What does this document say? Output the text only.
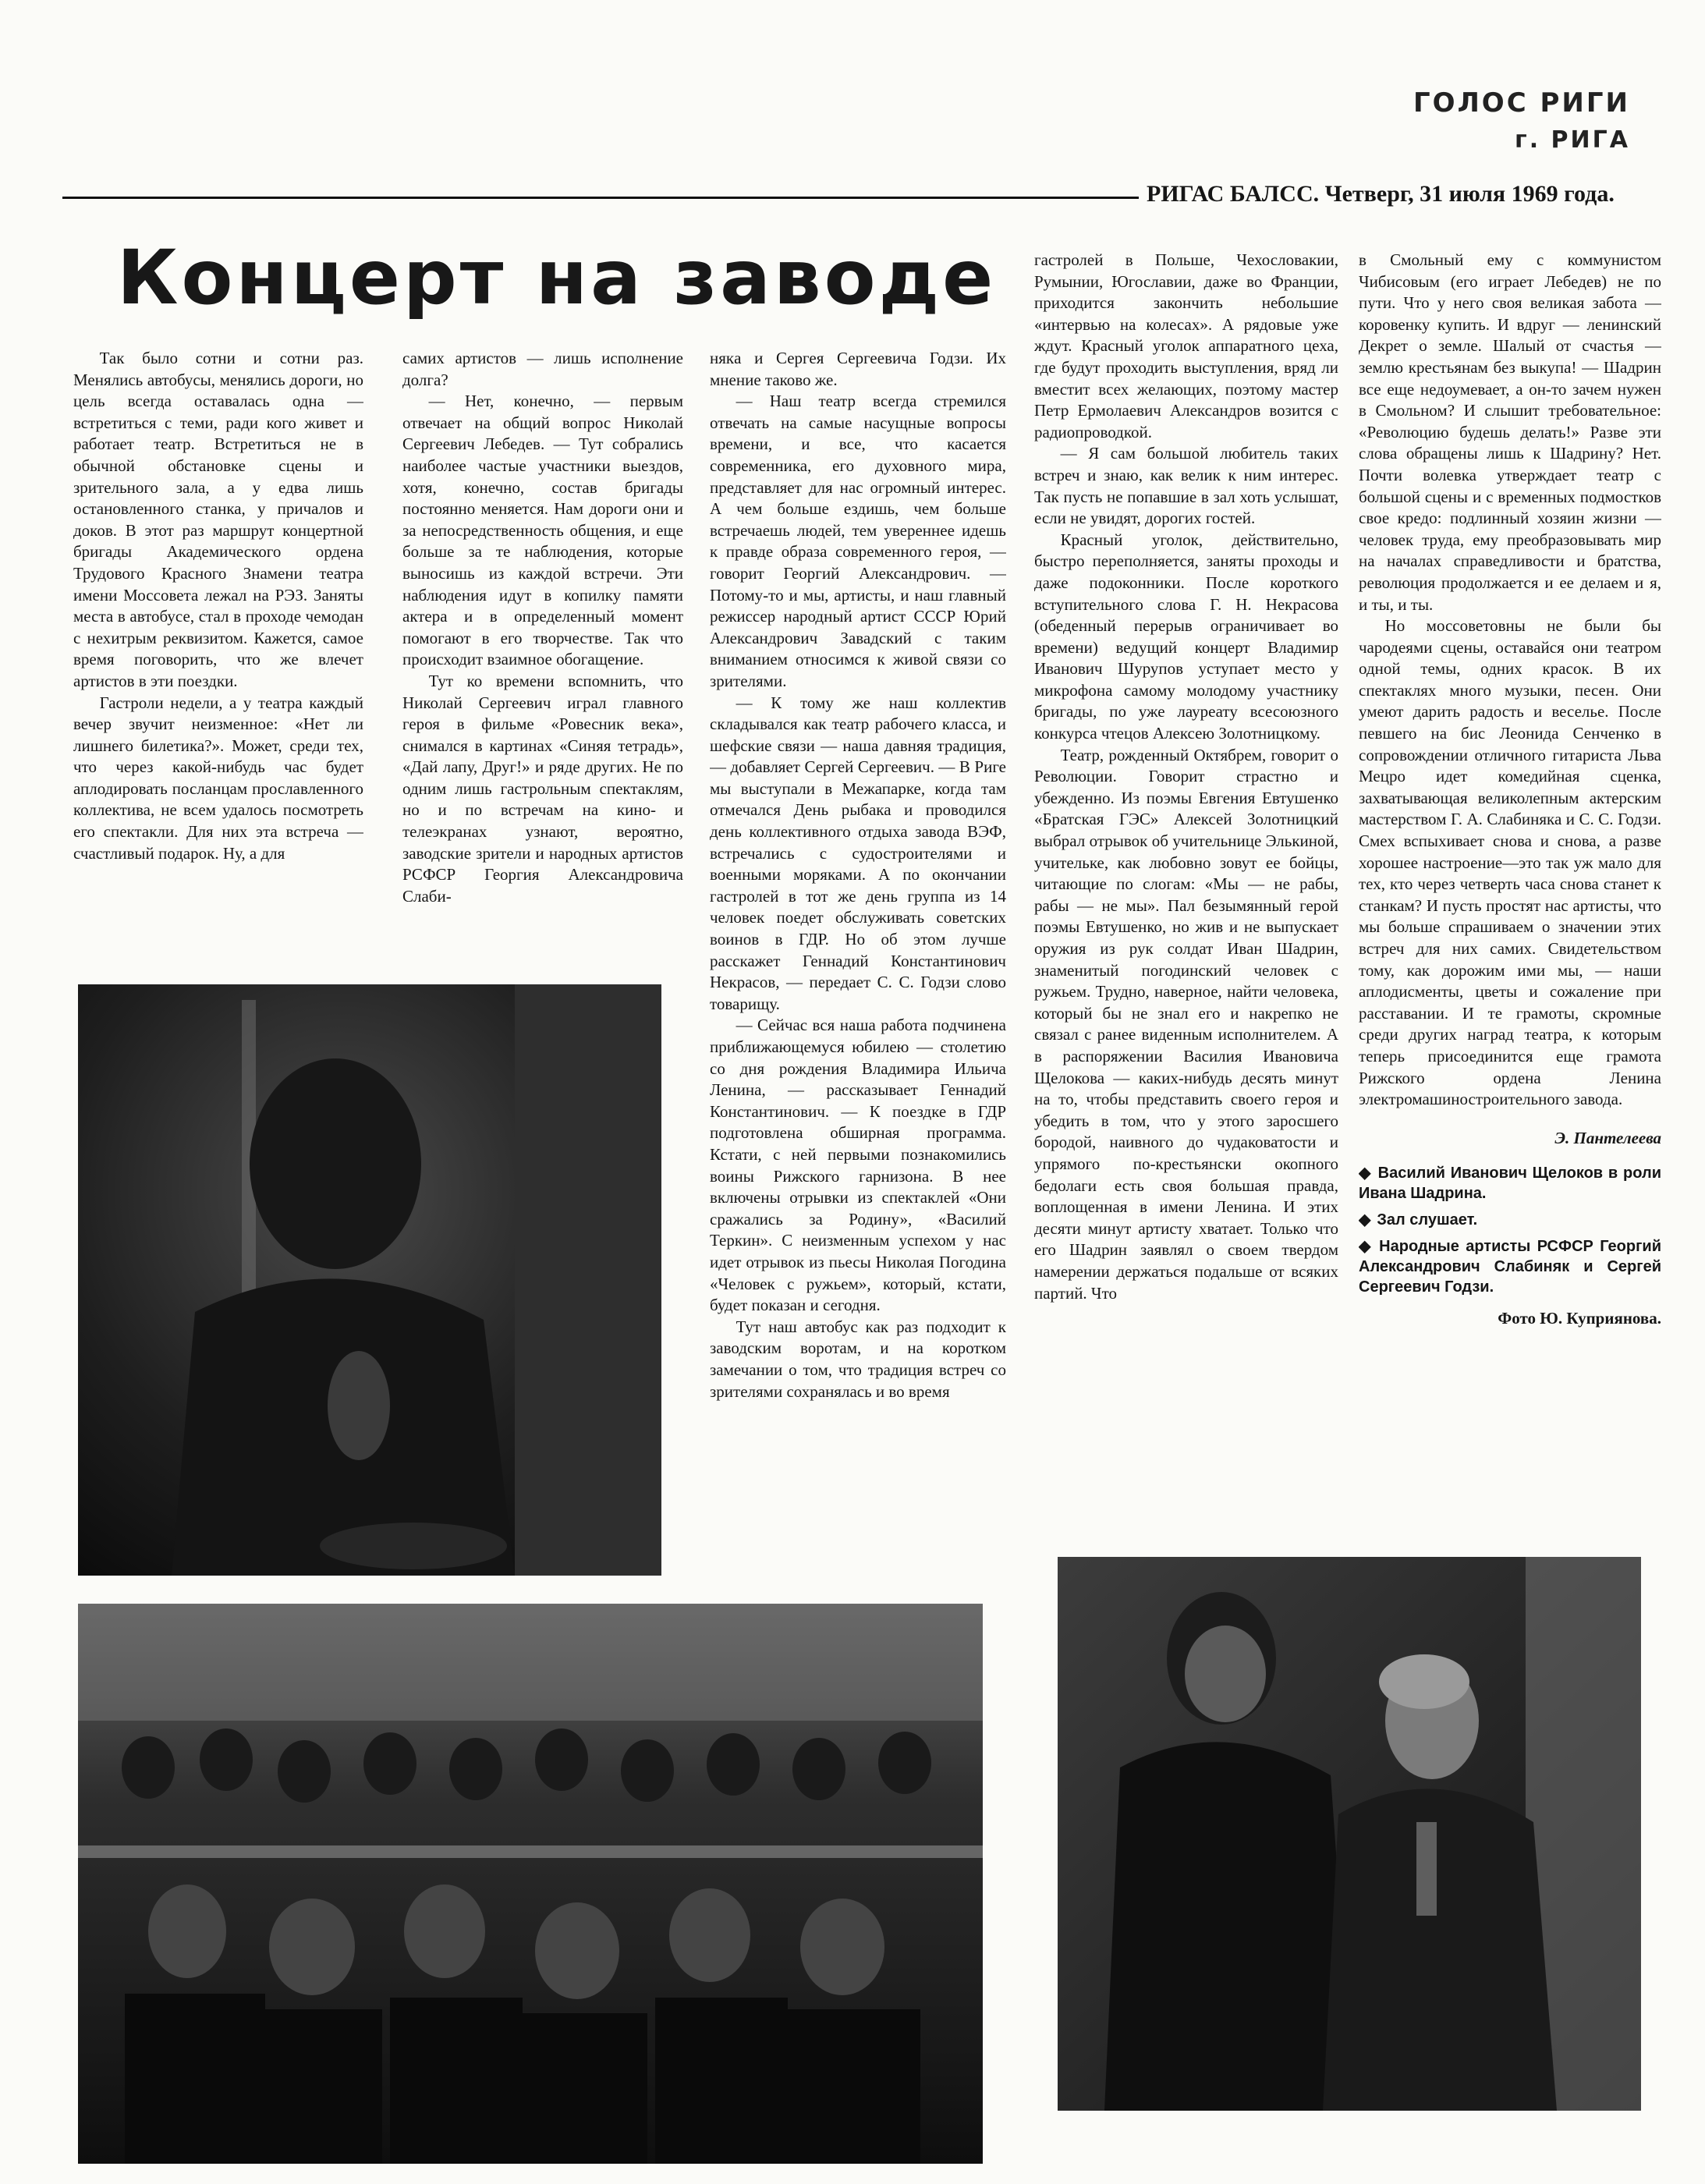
ГОЛОС РИГИ
г. РИГА
РИГАС БАЛСС. Четверг, 31 июля 1969 года.
Концерт на заводе

Так было сотни и сотни раз. Менялись автобусы, менялись дороги, но цель всегда оставалась одна — встретиться с теми, ради кого живет и работает театр. Встретиться не в обычной обстановке сцены и зрительного зала, а у едва лишь остановленного станка, у причалов и доков. В этот раз маршрут концертной бригады Академического ордена Трудового Красного Знамени театра имени Моссовета лежал на РЭЗ. Заняты места в автобусе, стал в проходе чемодан с нехитрым реквизитом. Кажется, самое время поговорить, что же влечет артистов в эти поездки.

Гастроли недели, а у театра каждый вечер звучит неизменное: «Нет ли лишнего билетика?». Может, среди тех, что через какой-нибудь час будет аплодировать посланцам прославленного коллектива, не всем удалось посмотреть его спектакли. Для них эта встреча — счастливый подарок. Ну, а для

самих артистов — лишь исполнение долга?

— Нет, конечно, — первым отвечает на общий вопрос Николай Сергеевич Лебедев. — Тут собрались наиболее частые участники выездов, хотя, конечно, состав бригады постоянно меняется. Нам дороги они и за непосредственность общения, и еще больше за те наблюдения, которые выносишь из каждой встречи. Эти наблюдения идут в копилку памяти актера и в определенный момент помогают в его творчестве. Так что происходит взаимное обогащение.

Тут ко времени вспомнить, что Николай Сергеевич играл главного героя в фильме «Ровесник века», снимался в картинах «Синяя тетрадь», «Дай лапу, Друг!» и ряде других. Не по одним лишь гастрольным спектаклям, но и по встречам на кино- и телеэкранах узнают, вероятно, заводские зрители и народных артистов РСФСР Георгия Александровича Слаби-

някa и Сергея Сергеевича Годзи. Их мнение таково же.

— Наш театр всегда стремился отвечать на самые насущные вопросы времени, и все, что касается современника, его духовного мира, представляет для нас огромный интерес. А чем больше ездишь, чем больше встречаешь людей, тем увереннее идешь к правде образа современного героя, — говорит Георгий Александрович. — Потому-то и мы, артисты, и наш главный режиссер народный артист СССР Юрий Александрович Завадский с таким вниманием относимся к живой связи со зрителями.

— К тому же наш коллектив складывался как театр рабочего класса, и шефские связи — наша давняя традиция, — добавляет Сергей Сергеевич. — В Риге мы выступали в Межапарке, когда там отмечался День рыбака и проводился день коллективного отдыха завода ВЭФ, встречались с судостроителями и военными моряками. А по окончании гастролей в тот же день группа из 14 человек поедет обслуживать советских воинов в ГДР. Но об этом лучше расскажет Геннадий Константинович Некрасов, — передает С. С. Годзи слово товарищу.

— Сейчас вся наша работа подчинена приближающемуся юбилею — столетию со дня рождения Владимира Ильича Ленина, — рассказывает Геннадий Константинович. — К поездке в ГДР подготовлена обширная программа. Кстати, с ней первыми познакомились воины Рижского гарнизона. В нее включены отрывки из спектаклей «Они сражались за Родину», «Василий Теркин». С неизменным успехом у нас идет отрывок из пьесы Николая Погодина «Человек с ружьем», который, кстати, будет показан и сегодня.

Тут наш автобус как раз подходит к заводским воротам, и на коротком замечании о том, что традиция встреч со зрителями сохранялась и во время

гастролей в Польше, Чехословакии, Румынии, Югославии, даже во Франции, приходится закончить небольшие «интервью на колесах». А рядовые уже ждут. Красный уголок аппаратного цеха, где будут проходить выступления, вряд ли вместит всех желающих, поэтому мастер Петр Ермолаевич Александров возится с радиопроводкой.

— Я сам большой любитель таких встреч и знаю, как велик к ним интерес. Так пусть не попавшие в зал хоть услышат, если не увидят, дорогих гостей.

Красный уголок, действительно, быстро переполняется, заняты проходы и даже подоконники. После короткого вступительного слова Г. Н. Некрасова (обеденный перерыв ограничивает во времени) ведущий концерт Владимир Иванович Шурупов уступает место у микрофона самому молодому участнику бригады, по уже лауреату всесоюзного конкурса чтецов Алексею Золотницкому.

Театр, рожденный Октябрем, говорит о Революции. Говорит страстно и убежденно. Из поэмы Евгения Евтушенко «Братская ГЭС» Алексей Золотницкий выбрал отрывок об учительнице Элькиной, учительке, как любовно зовут ее бойцы, читающие по слогам: «Мы — не рабы, рабы — не мы». Пал безымянный герой поэмы Евтушенко, но жив и не выпускает оружия из рук солдат Иван Шадрин, знаменитый погодинский человек с ружьем. Трудно, наверное, найти человека, который бы не знал его и накрепко не связал с ранее виденным исполнителем. А в распоряжении Василия Ивановича Щелокова — каких-нибудь десять минут на то, чтобы представить своего героя и убедить в том, что у этого заросшего бородой, наивного до чудаковатости и упрямого по-крестьянски окопного бедолаги есть своя большая правда, воплощенная в имени Ленина. И этих десяти минут артисту хватает. Только что его Шадрин заявлял о своем твердом намерении держаться подальше от всяких партий. Что

в Смольный ему с коммунистом Чибисовым (его играет Лебедев) не по пути. Что у него своя великая забота — коровенку купить. И вдруг — ленинский Декрет о земле. Шалый от счастья — землю крестьянам без выкупа! — Шадрин все еще недоумевает, а он-то зачем нужен в Смольном? И слышит требовательное: «Революцию будешь делать!» Разве эти слова обращены лишь к Шадрину? Нет. Почти волевка утверждает театр с большой сцены и с временных подмостков свое кредо: подлинный хозяин жизни — человек труда, ему преобразовывать мир на началах справедливости и братства, революция продолжается и ее делаем и я, и ты, и ты.

Но моссоветовны не были бы чародеями сцены, оставайся они театром одной темы, одних красок. В их спектаклях много музыки, песен. Они умеют дарить радость и веселье. После певшего на бис Леонида Сенченко в сопровождении отличного гитариста Льва Мецро идет комедийная сценка, захватывающая великолепным актерским мастерством Г. А. Слабиняка и С. С. Годзи. Смех вспыхивает снова и снова, а разве хорошее настроение—это так уж мало для тех, кто через четверть часа снова станет к станкам? И пусть простят нас артисты, что мы больше спрашиваем о значении этих встреч для них самих. Свидетельством тому, как дорожим ими мы, — наши аплодисменты, цветы и сожаление при расставании. И те грамоты, скромные среди других наград театра, к которым теперь присоединится еще грамота Рижского ордена Ленина электромашиностроительного завода.

Э. Пантелеева

◆ Василий Иванович Щелоков в роли Ивана Шадрина.

◆ Зал слушает.

◆ Народные артисты РСФСР Георгий Александрович Слабиняк и Сергей Сергеевич Годзи.

Фото Ю. Куприянова.
